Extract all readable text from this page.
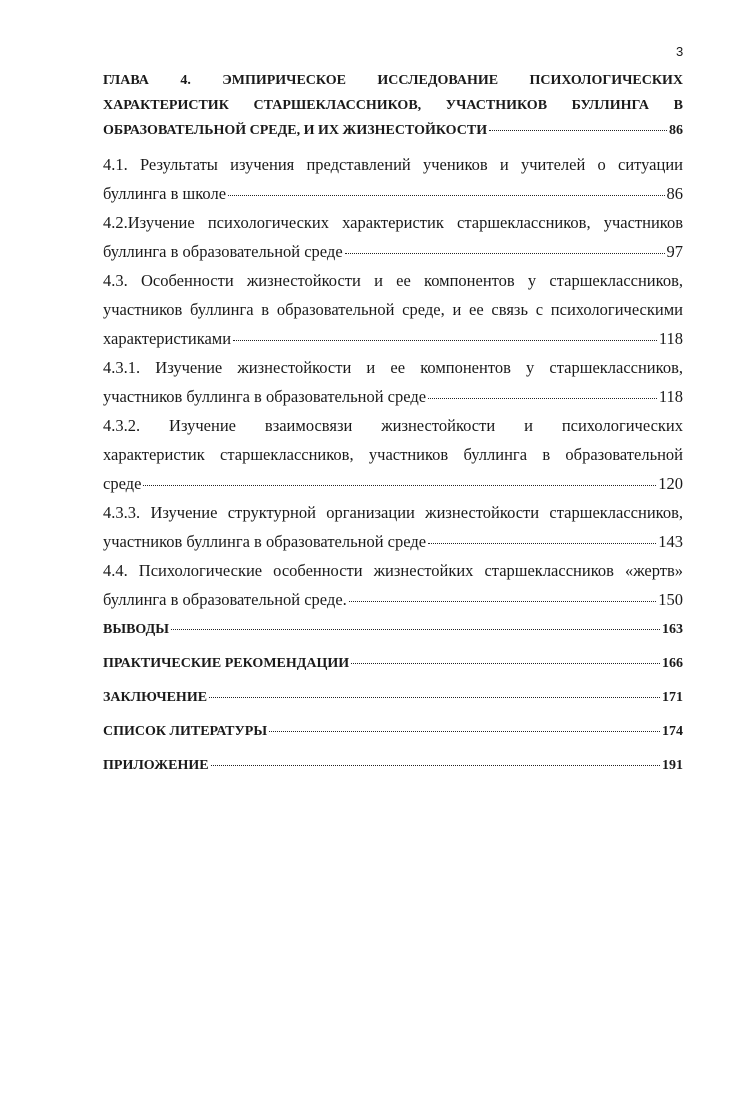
3
ГЛАВА 4. ЭМПИРИЧЕСКОЕ ИССЛЕДОВАНИЕ ПСИХОЛОГИЧЕСКИХ
ХАРАКТЕРИСТИК СТАРШЕКЛАССНИКОВ, УЧАСТНИКОВ БУЛЛИНГА В
ОБРАЗОВАТЕЛЬНОЙ СРЕДЕ, И ИХ ЖИЗНЕСТОЙКОСТИ	86
4.1. Результаты изучения представлений учеников и учителей о ситуации
буллинга в школе	86
4.2.Изучение психологических характеристик старшеклассников, участников
буллинга в образовательной среде	97
4.3. Особенности жизнестойкости и ее компонентов у старшеклассников,
участников буллинга в образовательной среде, и ее связь с психологическими
характеристиками	118
4.3.1. Изучение жизнестойкости и ее компонентов у старшеклассников,
участников буллинга в образовательной среде	118
4.3.2. Изучение взаимосвязи жизнестойкости и психологических
характеристик старшеклассников, участников буллинга в образовательной
среде	120
4.3.3. Изучение структурной организации жизнестойкости старшеклассников,
участников буллинга в образовательной среде	143
4.4. Психологические особенности жизнестойких старшеклассников «жертв»
буллинга в образовательной среде.	150
ВЫВОДЫ	163
ПРАКТИЧЕСКИЕ РЕКОМЕНДАЦИИ	166
ЗАКЛЮЧЕНИЕ	171
СПИСОК ЛИТЕРАТУРЫ	174
ПРИЛОЖЕНИЕ	191
